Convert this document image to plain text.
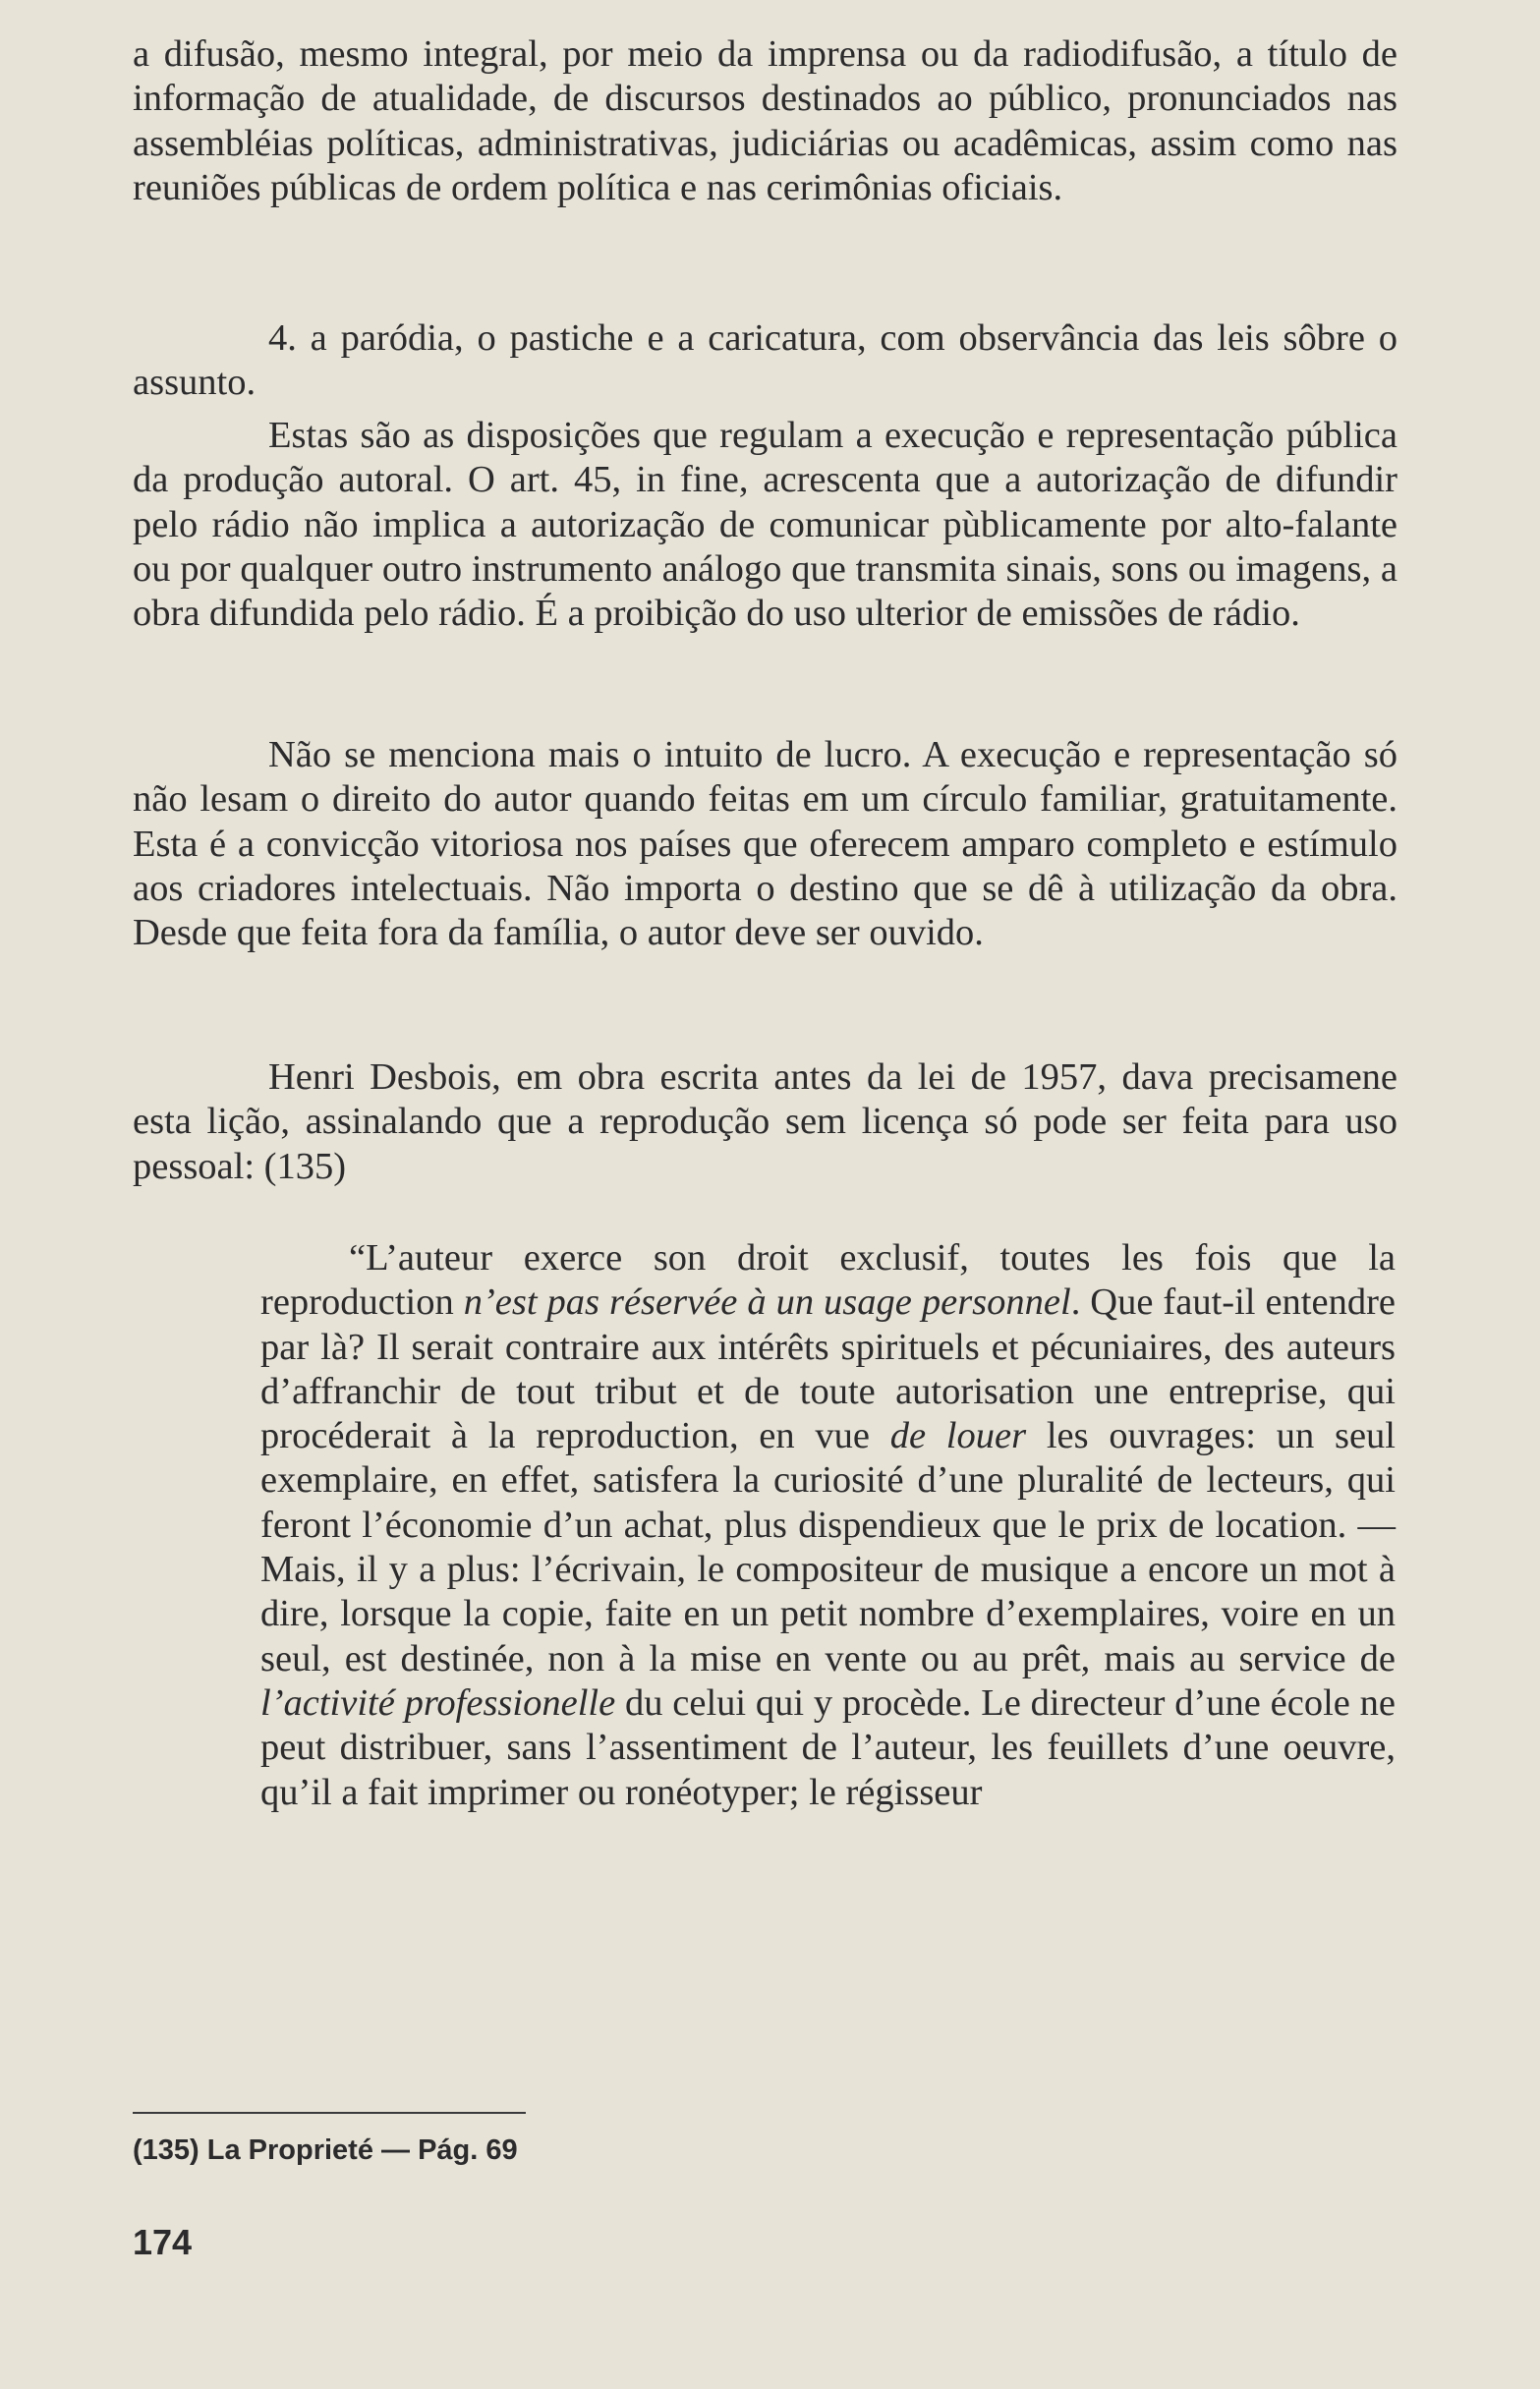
a difusão, mesmo integral, por meio da imprensa ou da radiodifusão, a título de informação de atualidade, de discursos destinados ao público, pronunciados nas assembléias políticas, administrativas, judiciárias ou acadêmicas, assim como nas reuniões públicas de ordem política e nas cerimônias oficiais.

4. a paródia, o pastiche e a caricatura, com observância das leis sôbre o assunto.

Estas são as disposições que regulam a execução e representação pública da produção autoral. O art. 45, in fine, acrescenta que a autorização de difundir pelo rádio não implica a autorização de comunicar pùblicamente por alto-falante ou por qualquer outro instrumento análogo que transmita sinais, sons ou imagens, a obra difundida pelo rádio. É a proibição do uso ulterior de emissões de rádio.

Não se menciona mais o intuito de lucro. A execução e representação só não lesam o direito do autor quando feitas em um círculo familiar, gratuitamente. Esta é a convicção vitoriosa nos países que oferecem amparo completo e estímulo aos criadores intelectuais. Não importa o destino que se dê à utilização da obra. Desde que feita fora da família, o autor deve ser ouvido.

Henri Desbois, em obra escrita antes da lei de 1957, dava precisamene esta lição, assinalando que a reprodução sem licença só pode ser feita para uso pessoal: (135)

“L’auteur exerce son droit exclusif, toutes les fois que la reproduction n’est pas réservée à un usage personnel. Que faut-il entendre par là? Il serait contraire aux intérêts spirituels et pécuniaires, des auteurs d’affranchir de tout tribut et de toute autorisation une entreprise, qui procéderait à la reproduction, en vue de louer les ouvrages: un seul exemplaire, en effet, satisfera la curiosité d’une pluralité de lecteurs, qui feront l’économie d’un achat, plus dispendieux que le prix de location. — Mais, il y a plus: l’écrivain, le compositeur de musique a encore un mot à dire, lorsque la copie, faite en un petit nombre d’exemplaires, voire en un seul, est destinée, non à la mise en vente ou au prêt, mais au service de l’activité professionelle du celui qui y procède. Le directeur d’une école ne peut distribuer, sans l’assentiment de l’auteur, les feuillets d’une oeuvre, qu’il a fait imprimer ou ronéotyper; le régisseur

(135) La Proprieté — Pág. 69
174
